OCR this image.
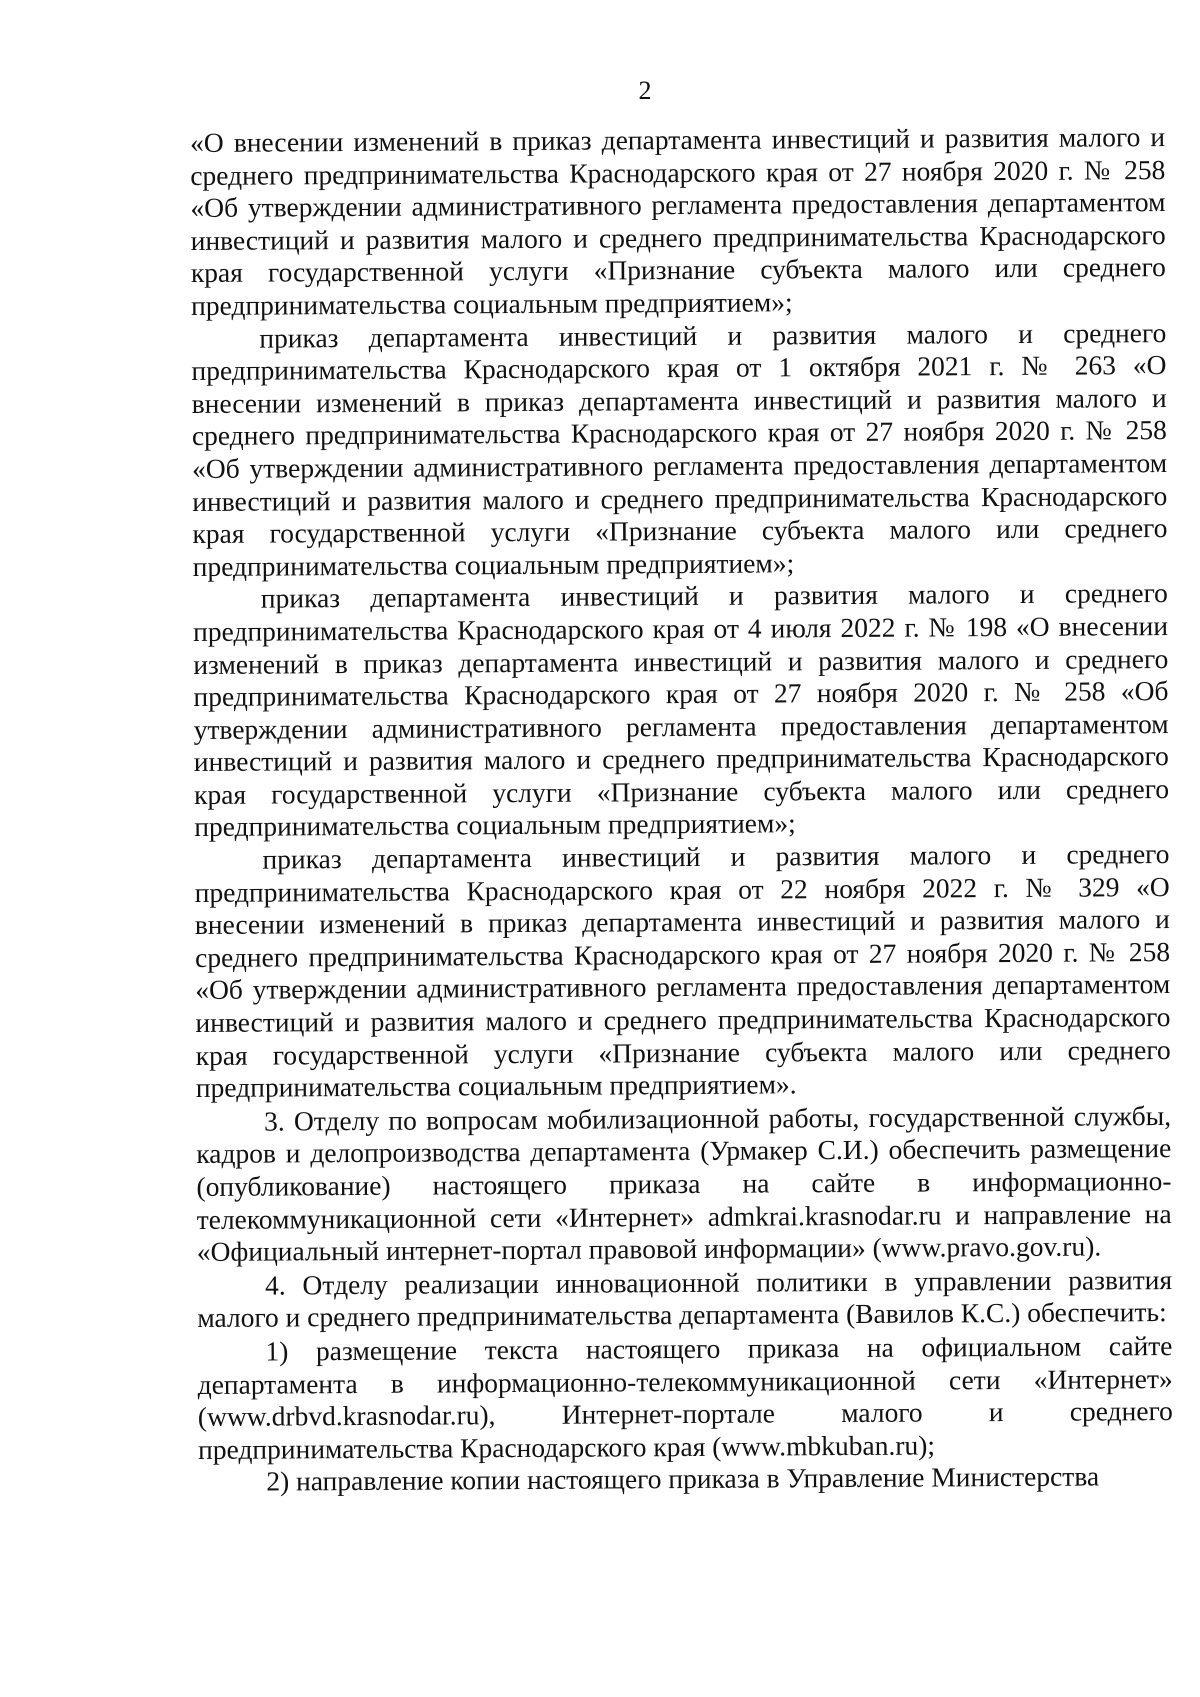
2

«О внесении изменений в приказ департамента инвестиций и развития малого и среднего предпринимательства Краснодарского края от 27 ноября 2020 г. № 258 «Об утверждении административного регламента предоставления департаментом инвестиций и развития малого и среднего предпринимательства Краснодарского края государственной услуги «Признание субъекта малого или среднего предпринимательства социальным предприятием»;

приказ департамента инвестиций и развития малого и среднего предпринимательства Краснодарского края от 1 октября 2021 г. № 263 «О внесении изменений в приказ департамента инвестиций и развития малого и среднего предпринимательства Краснодарского края от 27 ноября 2020 г. № 258 «Об утверждении административного регламента предоставления департаментом инвестиций и развития малого и среднего предпринимательства Краснодарского края государственной услуги «Признание субъекта малого или среднего предпринимательства социальным предприятием»;

приказ департамента инвестиций и развития малого и среднего предпринимательства Краснодарского края от 4 июля 2022 г. № 198 «О внесении изменений в приказ департамента инвестиций и развития малого и среднего предпринимательства Краснодарского края от 27 ноября 2020 г. № 258 «Об утверждении административного регламента предоставления департаментом инвестиций и развития малого и среднего предпринимательства Краснодарского края государственной услуги «Признание субъекта малого или среднего предпринимательства социальным предприятием»;

приказ департамента инвестиций и развития малого и среднего предпринимательства Краснодарского края от 22 ноября 2022 г. № 329 «О внесении изменений в приказ департамента инвестиций и развития малого и среднего предпринимательства Краснодарского края от 27 ноября 2020 г. № 258 «Об утверждении административного регламента предоставления департаментом инвестиций и развития малого и среднего предпринимательства Краснодарского края государственной услуги «Признание субъекта малого или среднего предпринимательства социальным предприятием».

3. Отделу по вопросам мобилизационной работы, государственной службы, кадров и делопроизводства департамента (Урмакер С.И.) обеспечить размещение (опубликование) настоящего приказа на сайте в информационно-телекоммуникационной сети «Интернет» admkrai.krasnodar.ru и направление на «Официальный интернет-портал правовой информации» (www.pravo.gov.ru).

4. Отделу реализации инновационной политики в управлении развития малого и среднего предпринимательства департамента (Вавилов К.С.) обеспечить:

1) размещение текста настоящего приказа на официальном сайте департамента в информационно-телекоммуникационной сети «Интернет» (www.drbvd.krasnodar.ru), Интернет-портале малого и среднего предпринимательства Краснодарского края (www.mbkuban.ru);

2) направление копии настоящего приказа в Управление Министерства
